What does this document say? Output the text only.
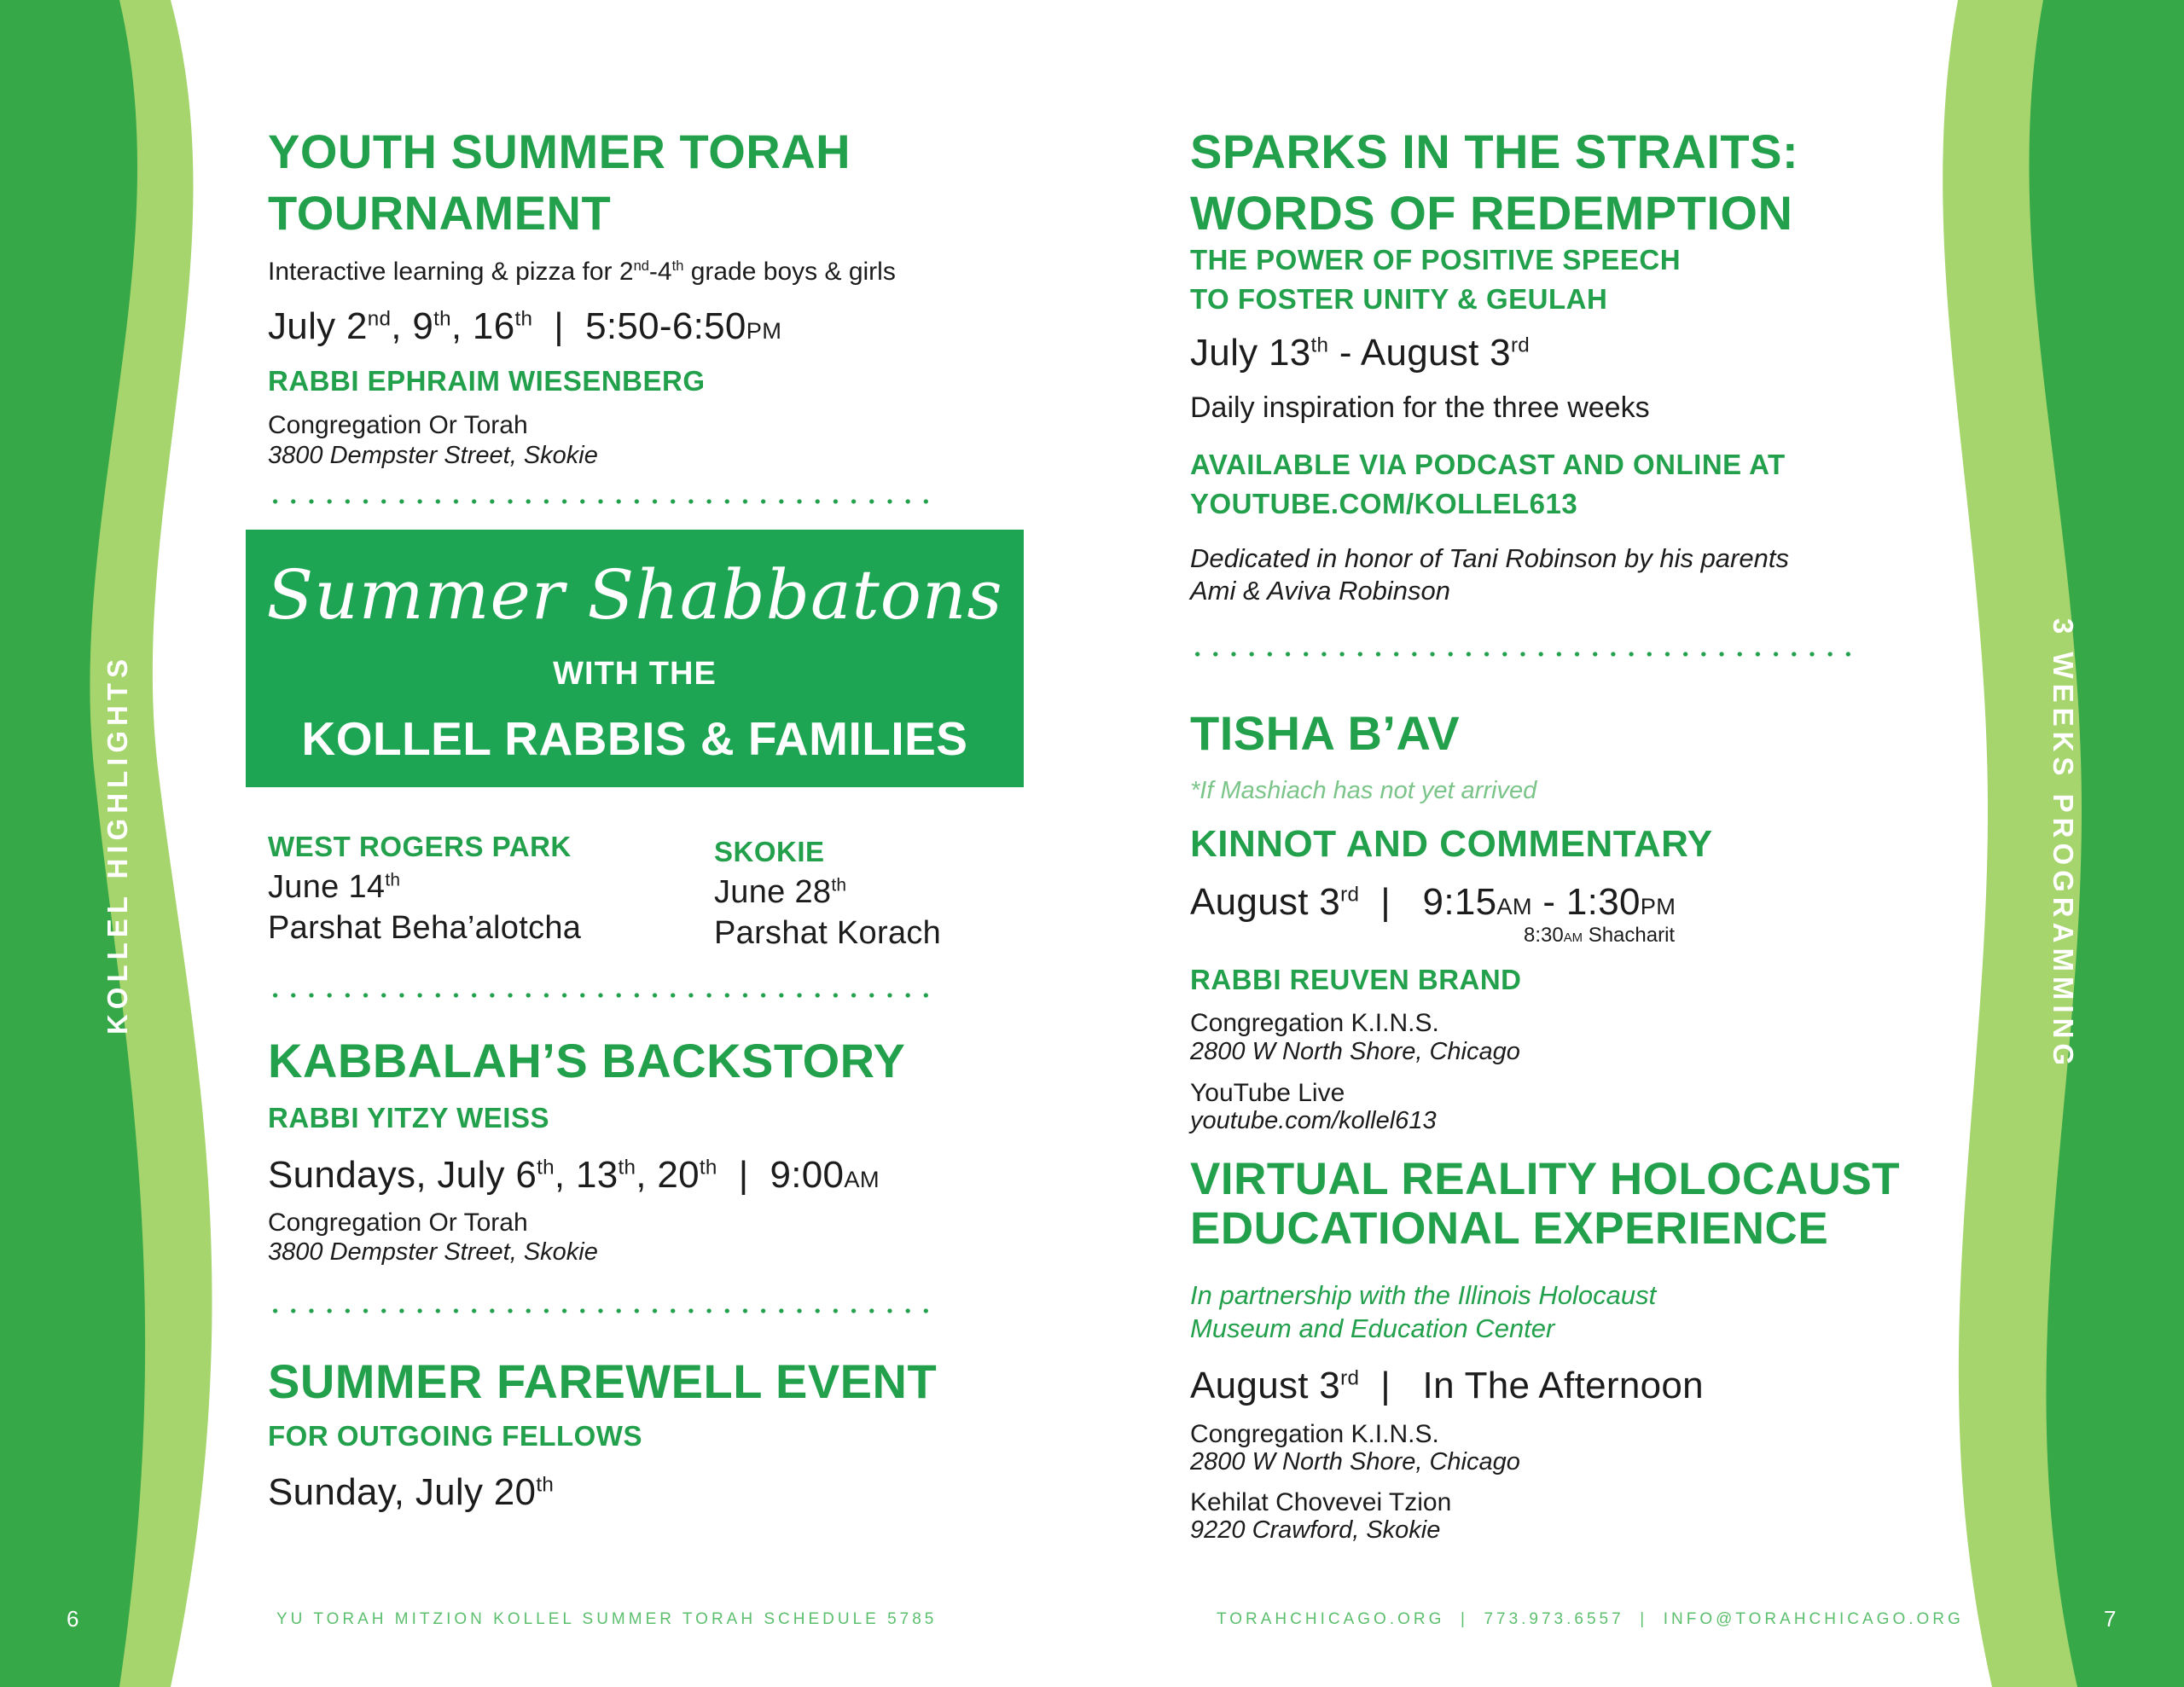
KOLLEL HIGHLIGHTS	3 WEEKS PROGRAMMING
YOUTH SUMMER TORAH
TOURNAMENT
Interactive learning & pizza for 2nd-4th grade boys & girls
July 2nd, 9th, 16th  |  5:50-6:50PM
RABBI EPHRAIM WIESENBERG
Congregation Or Torah
3800 Dempster Street, Skokie
Summer Shabbatons
WITH THE
KOLLEL RABBIS & FAMILIES
WEST ROGERS PARK
June 14th
Parshat Beha’alotcha
SKOKIE
June 28th
Parshat Korach
KABBALAH’S BACKSTORY
RABBI YITZY WEISS
Sundays, July 6th, 13th, 20th  |  9:00AM
Congregation Or Torah
3800 Dempster Street, Skokie
SUMMER FAREWELL EVENT
FOR OUTGOING FELLOWS
Sunday, July 20th
6	YU TORAH MITZION KOLLEL SUMMER TORAH SCHEDULE 5785
SPARKS IN THE STRAITS:
WORDS OF REDEMPTION
THE POWER OF POSITIVE SPEECH
TO FOSTER UNITY & GEULAH
July 13th - August 3rd
Daily inspiration for the three weeks
AVAILABLE VIA PODCAST AND ONLINE AT
YOUTUBE.COM/KOLLEL613
Dedicated in honor of Tani Robinson by his parents
Ami & Aviva Robinson
TISHA B’AV
*If Mashiach has not yet arrived
KINNOT AND COMMENTARY
August 3rd  |   9:15AM - 1:30PM
8:30AM Shacharit
RABBI REUVEN BRAND
Congregation K.I.N.S.
2800 W North Shore, Chicago
YouTube Live
youtube.com/kollel613
VIRTUAL REALITY HOLOCAUST
EDUCATIONAL EXPERIENCE
In partnership with the Illinois Holocaust
Museum and Education Center
August 3rd  |   In The Afternoon
Congregation K.I.N.S.
2800 W North Shore, Chicago
Kehilat Chovevei Tzion
9220 Crawford, Skokie
TORAHCHICAGO.ORG  |  773.973.6557  |  INFO@TORAHCHICAGO.ORG	7
